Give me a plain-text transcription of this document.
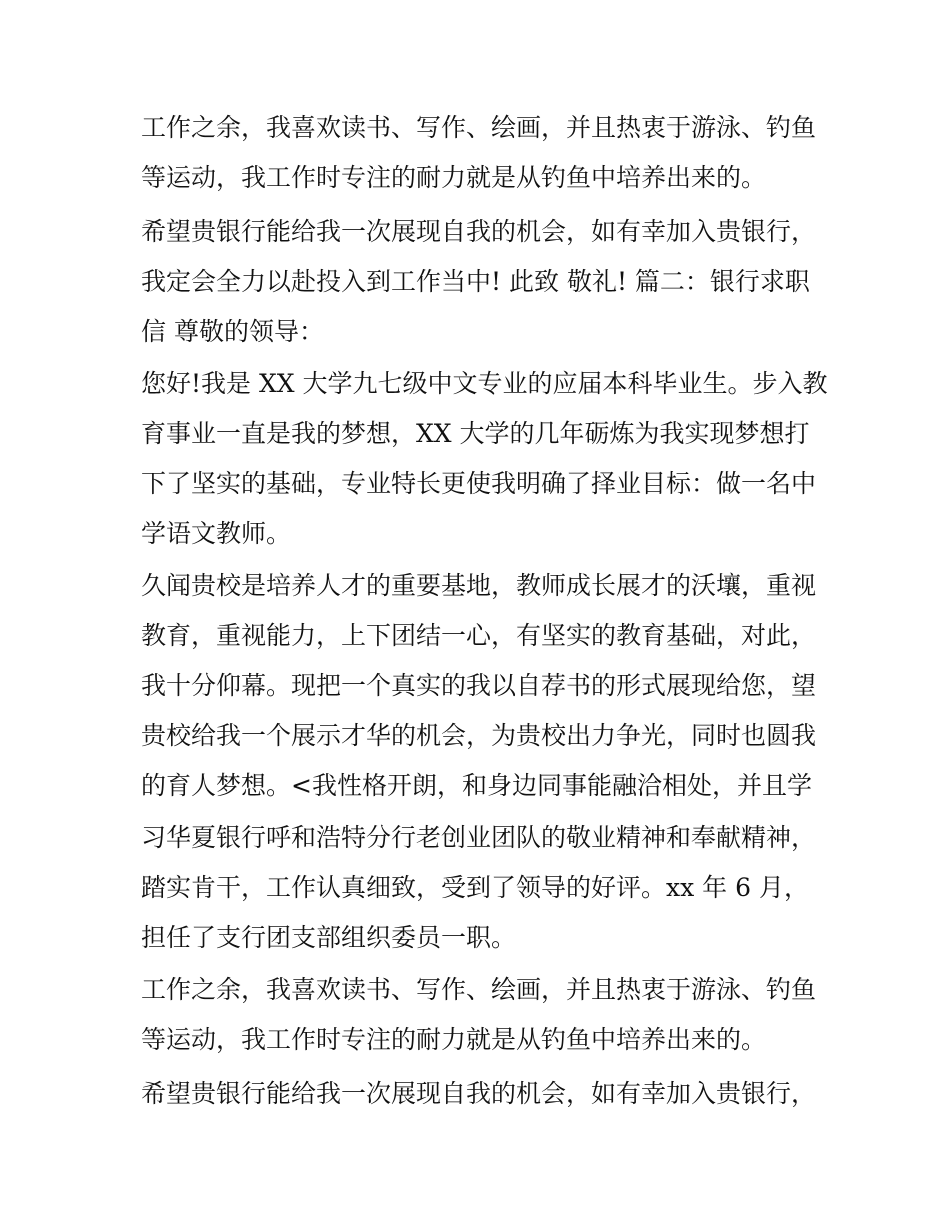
工作之余，我喜欢读书、写作、绘画，并且热衷于游泳、钓鱼

等运动，我工作时专注的耐力就是从钓鱼中培养出来的。

希望贵银行能给我一次展现自我的机会，如有幸加入贵银行，

我定会全力以赴投入到工作当中! 此致 敬礼! 篇二：银行求职

信 尊敬的领导：

您好!我是 XX 大学九七级中文专业的应届本科毕业生。步入教

育事业一直是我的梦想，XX 大学的几年砺炼为我实现梦想打

下了坚实的基础，专业特长更使我明确了择业目标：做一名中

学语文教师。

久闻贵校是培养人才的重要基地，教师成长展才的沃壤，重视

教育，重视能力，上下团结一心，有坚实的教育基础，对此，

我十分仰幕。现把一个真实的我以自荐书的形式展现给您，望

贵校给我一个展示才华的机会，为贵校出力争光，同时也圆我

的育人梦想。<我性格开朗，和身边同事能融洽相处，并且学

习华夏银行呼和浩特分行老创业团队的敬业精神和奉献精神，

踏实肯干，工作认真细致，受到了领导的好评。xx 年 6 月，

担任了支行团支部组织委员一职。

工作之余，我喜欢读书、写作、绘画，并且热衷于游泳、钓鱼

等运动，我工作时专注的耐力就是从钓鱼中培养出来的。

希望贵银行能给我一次展现自我的机会，如有幸加入贵银行，
